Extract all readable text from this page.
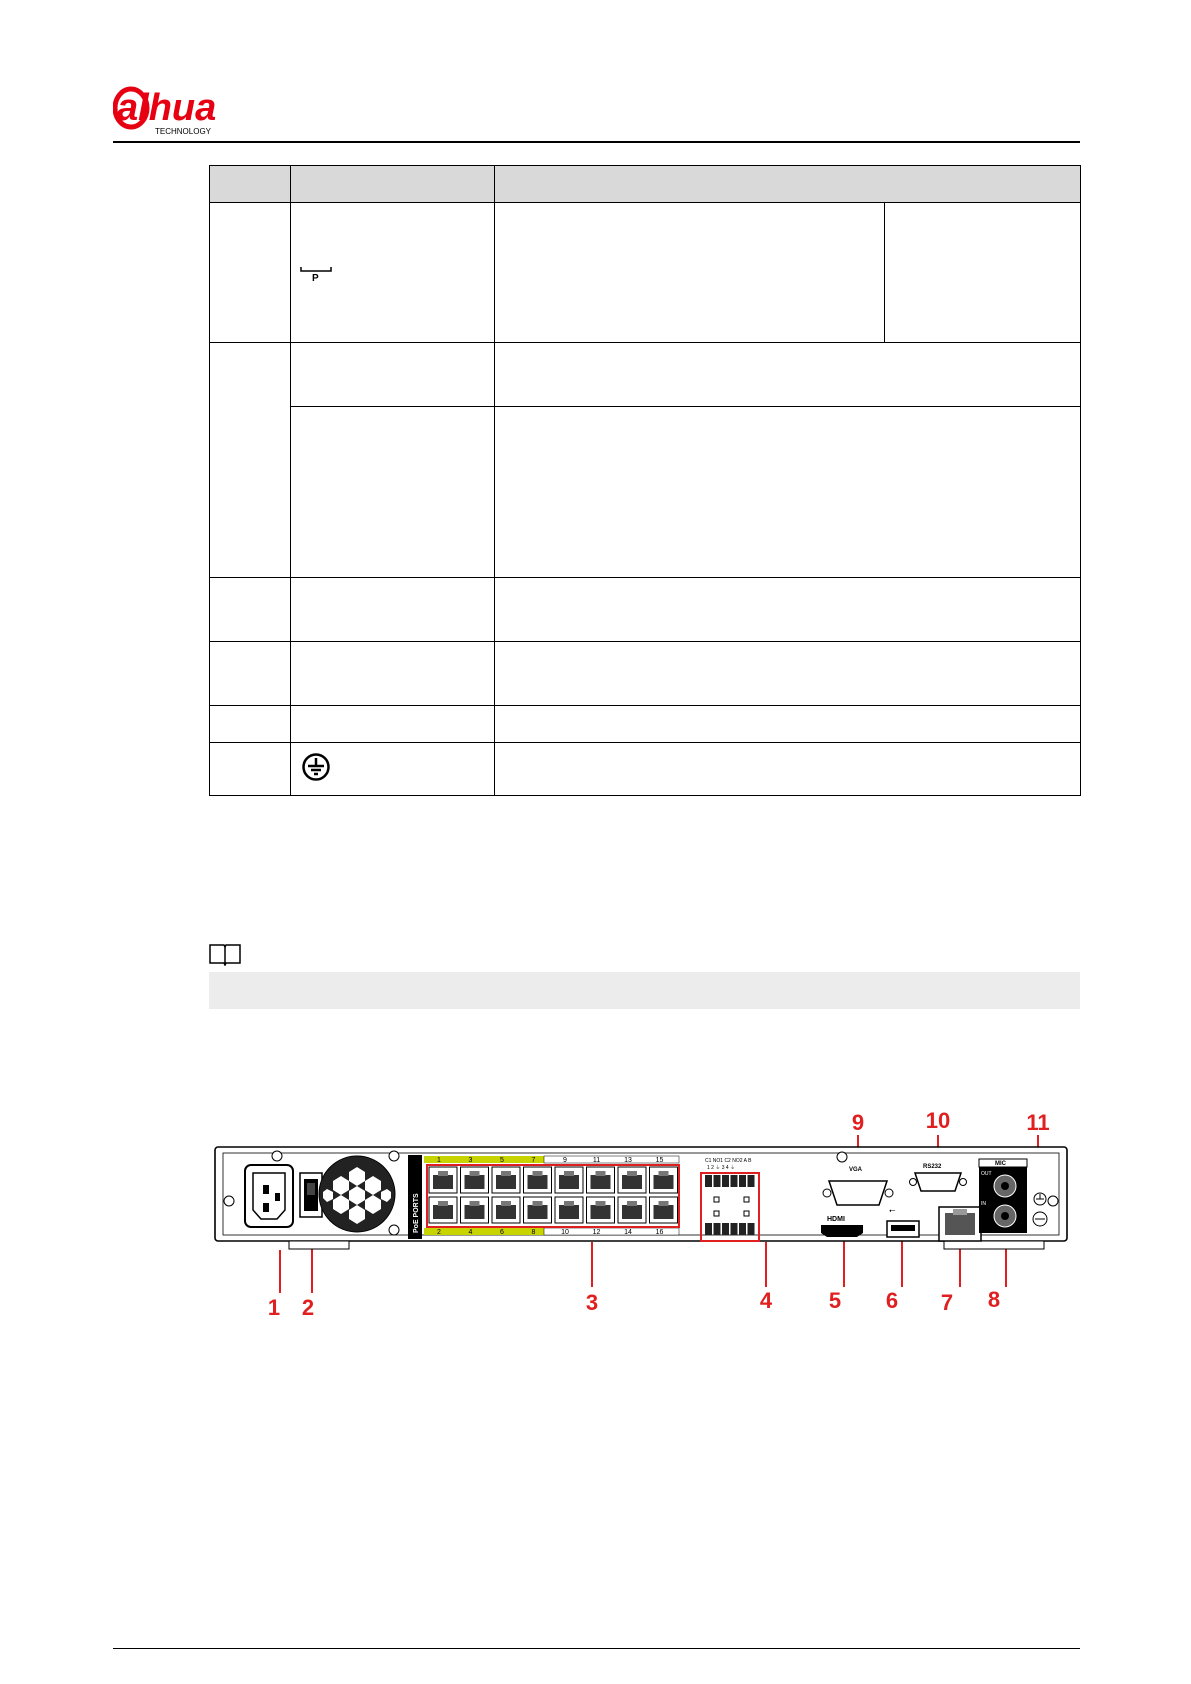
alhua
TECHNOLOGY

P		

PoE PORTS
1	3	5	7	9	11	13	15
2	4	6	8	10	12	14	16
C1 NO1 C2 NO2 A B
1 2 ⏚ 3 4 ⏚	VGA	RS232
HDMI
⭠
MIC
OUT
IN
1 2	3	4	5 6 7 8
9	10	11
